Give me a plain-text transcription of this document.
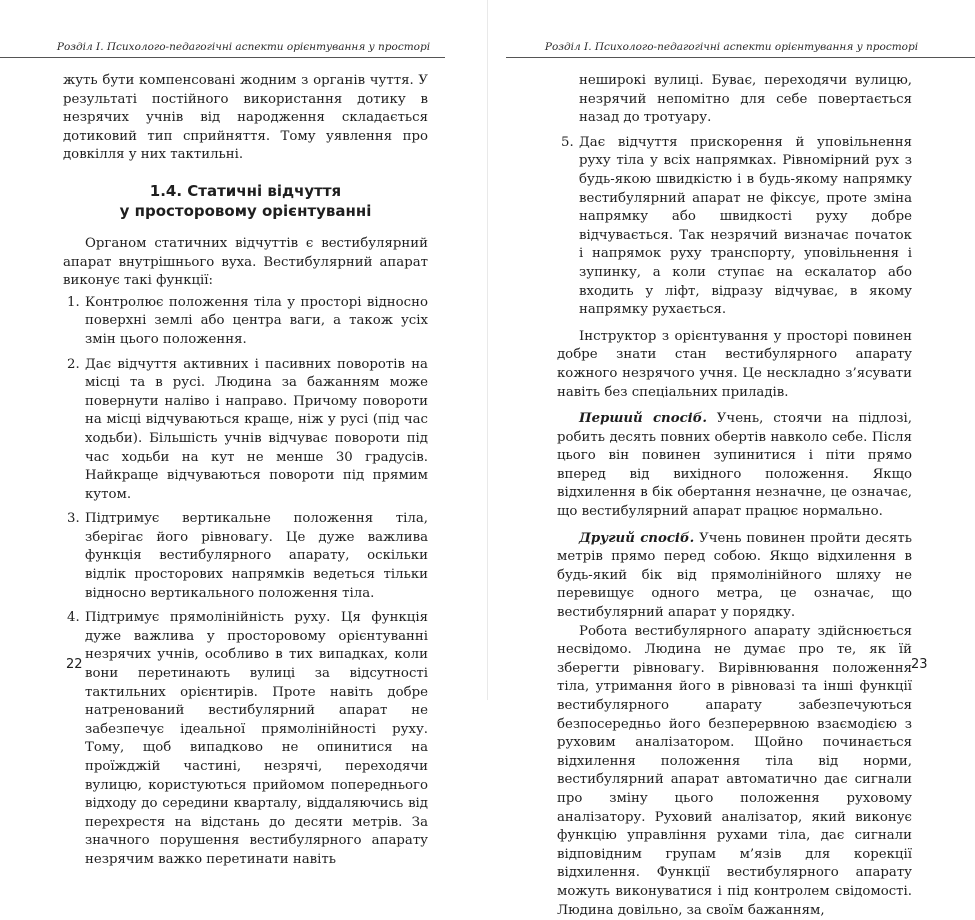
Розділ І. Психолого-педагогічні аспекти орієнтування у просторі

жуть бути компенсовані жодним з органів чуття. У результаті постійного використання дотику в незрячих учнів від народження складається дотиковий тип сприйняття. Тому уявлення про довкілля у них тактильні.

1.4. Статичні відчуття
у просторовому орієнтуванні

Органом статичних відчуттів є вестибулярний апарат внутрішнього вуха. Вестибулярний апарат виконує такі функції:

1. Контролює положення тіла у просторі відносно поверхні землі або центра ваги, а також усіх змін цього положення.
2. Дає відчуття активних і пасивних поворотів на місці та в русі. Людина за бажанням може повернути наліво і направо. Причому повороти на місці відчуваються краще, ніж у русі (під час ходьби). Більшість учнів відчуває повороти під час ходьби на кут не менше 30 градусів. Найкраще відчуваються повороти під прямим кутом.
3. Підтримує вертикальне положення тіла, зберігає його рівновагу. Це дуже важлива функція вестибулярного апарату, оскільки відлік просторових напрямків ведеться тільки відносно вертикального положення тіла.
4. Підтримує прямолінійність руху. Ця функція дуже важлива у просторовому орієнтуванні незрячих учнів, особливо в тих випадках, коли вони перетинають вулиці за відсутності тактильних орієнтирів. Проте навіть добре натренований вестибулярний апарат не забезпечує ідеальної прямолінійності руху. Тому, щоб випадково не опинитися на проїжджій частині, незрячі, переходячи вулицю, користуються прийомом попереднього відходу до середини кварталу, віддаляючись від перехрестя на відстань до десяти метрів. За значного порушення вестибулярного апарату незрячим важко перетинати навіть
22
Розділ І. Психолого-педагогічні аспекти орієнтування у просторі

неширокі вулиці. Буває, переходячи вулицю, незрячий непомітно для себе повертається назад до тротуару.

5. Дає відчуття прискорення й уповільнення руху тіла у всіх напрямках. Рівномірний рух з будь-якою швидкістю і в будь-якому напрямку вестибулярний апарат не фіксує, проте зміна напрямку або швидкості руху добре відчувається. Так незрячий визначає початок і напрямок руху транспорту, уповільнення і зупинку, а коли ступає на ескалатор або входить у ліфт, відразу відчуває, в якому напрямку рухається.

Інструктор з орієнтування у просторі повинен добре знати стан вестибулярного апарату кожного незрячого учня. Це нескладно з’ясувати навіть без спеціальних приладів.

Перший спосіб. Учень, стоячи на підлозі, робить десять повних обертів навколо себе. Після цього він повинен зупинитися і піти прямо вперед від вихідного положення. Якщо відхилення в бік обертання незначне, це означає, що вестибулярний апарат працює нормально.

Другий спосіб. Учень повинен пройти десять метрів прямо перед собою. Якщо відхилення в будь-який бік від прямолінійного шляху не перевищує одного метра, це означає, що вестибулярний апарат у порядку.

Робота вестибулярного апарату здійснюється несвідомо. Людина не думає про те, як їй зберегти рівновагу. Вирівнювання положення тіла, утримання його в рівновазі та інші функції вестибулярного апарату забезпечуються безпосередньо його безперервною взаємодією з руховим аналізатором. Щойно починається відхилення положення тіла від норми, вестибулярний апарат автоматично дає сигнали про зміну цього положення руховому аналізатору. Руховий аналізатор, який виконує функцію управління рухами тіла, дає сигнали відповідним групам м’язів для корекції відхилення. Функції вестибулярного апарату можуть виконуватися і під контролем свідомості. Людина довільно, за своїм бажанням,

23
